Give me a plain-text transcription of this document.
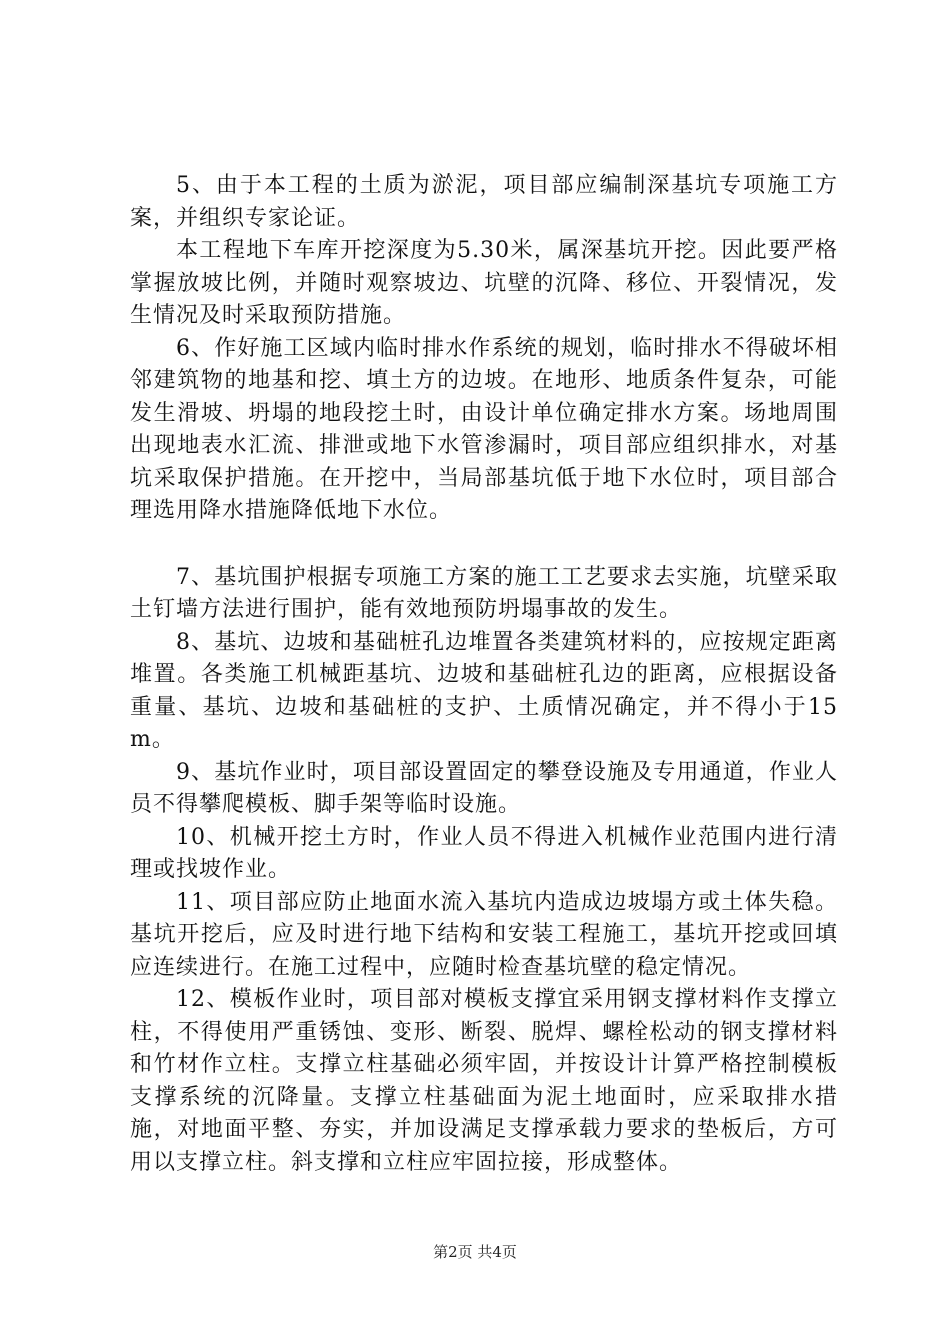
5、由于本工程的土质为淤泥，项目部应编制深基坑专项施工方案，并组织专家论证。

本工程地下车库开挖深度为5.30米，属深基坑开挖。因此要严格掌握放坡比例，并随时观察坡边、坑壁的沉降、移位、开裂情况，发生情况及时采取预防措施。

6、作好施工区域内临时排水作系统的规划，临时排水不得破坏相邻建筑物的地基和挖、填土方的边坡。在地形、地质条件复杂，可能发生滑坡、坍塌的地段挖土时，由设计单位确定排水方案。场地周围出现地表水汇流、排泄或地下水管渗漏时，项目部应组织排水，对基坑采取保护措施。在开挖中，当局部基坑低于地下水位时，项目部合理选用降水措施降低地下水位。

7、基坑围护根据专项施工方案的施工工艺要求去实施，坑壁采取土钉墙方法进行围护，能有效地预防坍塌事故的发生。

8、基坑、边坡和基础桩孔边堆置各类建筑材料的，应按规定距离堆置。各类施工机械距基坑、边坡和基础桩孔边的距离，应根据设备重量、基坑、边坡和基础桩的支护、土质情况确定，并不得小于15m。

9、基坑作业时，项目部设置固定的攀登设施及专用通道，作业人员不得攀爬模板、脚手架等临时设施。

10、机械开挖土方时，作业人员不得进入机械作业范围内进行清理或找坡作业。

11、项目部应防止地面水流入基坑内造成边坡塌方或土体失稳。基坑开挖后，应及时进行地下结构和安装工程施工，基坑开挖或回填应连续进行。在施工过程中，应随时检查基坑壁的稳定情况。

12、模板作业时，项目部对模板支撑宜采用钢支撑材料作支撑立柱，不得使用严重锈蚀、变形、断裂、脱焊、螺栓松动的钢支撑材料和竹材作立柱。支撑立柱基础必须牢固，并按设计计算严格控制模板支撑系统的沉降量。支撑立柱基础面为泥土地面时，应采取排水措施，对地面平整、夯实，并加设满足支撑承载力要求的垫板后，方可用以支撑立柱。斜支撑和立柱应牢固拉接，形成整体。

第2页 共4页
